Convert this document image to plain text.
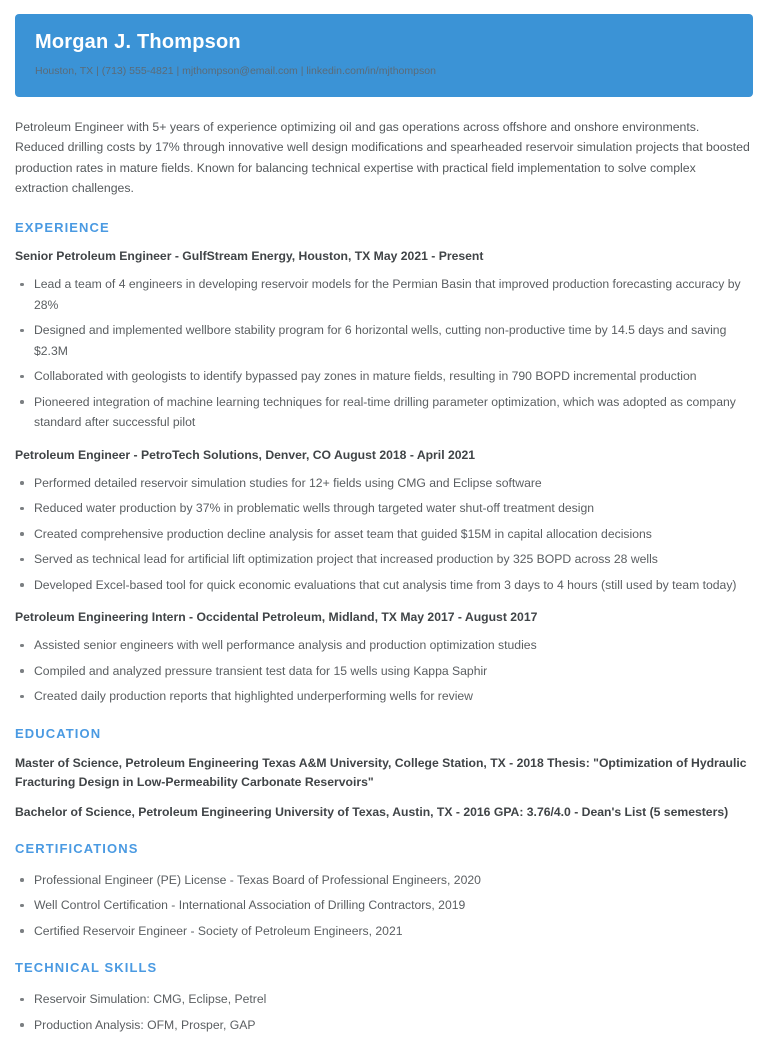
Morgan J. Thompson
Houston, TX | (713) 555-4821 | mjthompson@email.com | linkedin.com/in/mjthompson

Petroleum Engineer with 5+ years of experience optimizing oil and gas operations across offshore and onshore environments. Reduced drilling costs by 17% through innovative well design modifications and spearheaded reservoir simulation projects that boosted production rates in mature fields. Known for balancing technical expertise with practical field implementation to solve complex extraction challenges.

EXPERIENCE
Senior Petroleum Engineer - GulfStream Energy, Houston, TX May 2021 - Present
Lead a team of 4 engineers in developing reservoir models for the Permian Basin that improved production forecasting accuracy by 28%
Designed and implemented wellbore stability program for 6 horizontal wells, cutting non-productive time by 14.5 days and saving $2.3M
Collaborated with geologists to identify bypassed pay zones in mature fields, resulting in 790 BOPD incremental production
Pioneered integration of machine learning techniques for real-time drilling parameter optimization, which was adopted as company standard after successful pilot
Petroleum Engineer - PetroTech Solutions, Denver, CO August 2018 - April 2021
Performed detailed reservoir simulation studies for 12+ fields using CMG and Eclipse software
Reduced water production by 37% in problematic wells through targeted water shut-off treatment design
Created comprehensive production decline analysis for asset team that guided $15M in capital allocation decisions
Served as technical lead for artificial lift optimization project that increased production by 325 BOPD across 28 wells
Developed Excel-based tool for quick economic evaluations that cut analysis time from 3 days to 4 hours (still used by team today)
Petroleum Engineering Intern - Occidental Petroleum, Midland, TX May 2017 - August 2017
Assisted senior engineers with well performance analysis and production optimization studies
Compiled and analyzed pressure transient test data for 15 wells using Kappa Saphir
Created daily production reports that highlighted underperforming wells for review
EDUCATION
Master of Science, Petroleum Engineering Texas A&M University, College Station, TX - 2018 Thesis: "Optimization of Hydraulic Fracturing Design in Low-Permeability Carbonate Reservoirs"
Bachelor of Science, Petroleum Engineering University of Texas, Austin, TX - 2016 GPA: 3.76/4.0 - Dean's List (5 semesters)
CERTIFICATIONS
Professional Engineer (PE) License - Texas Board of Professional Engineers, 2020
Well Control Certification - International Association of Drilling Contractors, 2019
Certified Reservoir Engineer - Society of Petroleum Engineers, 2021
TECHNICAL SKILLS
Reservoir Simulation: CMG, Eclipse, Petrel
Production Analysis: OFM, Prosper, GAP
